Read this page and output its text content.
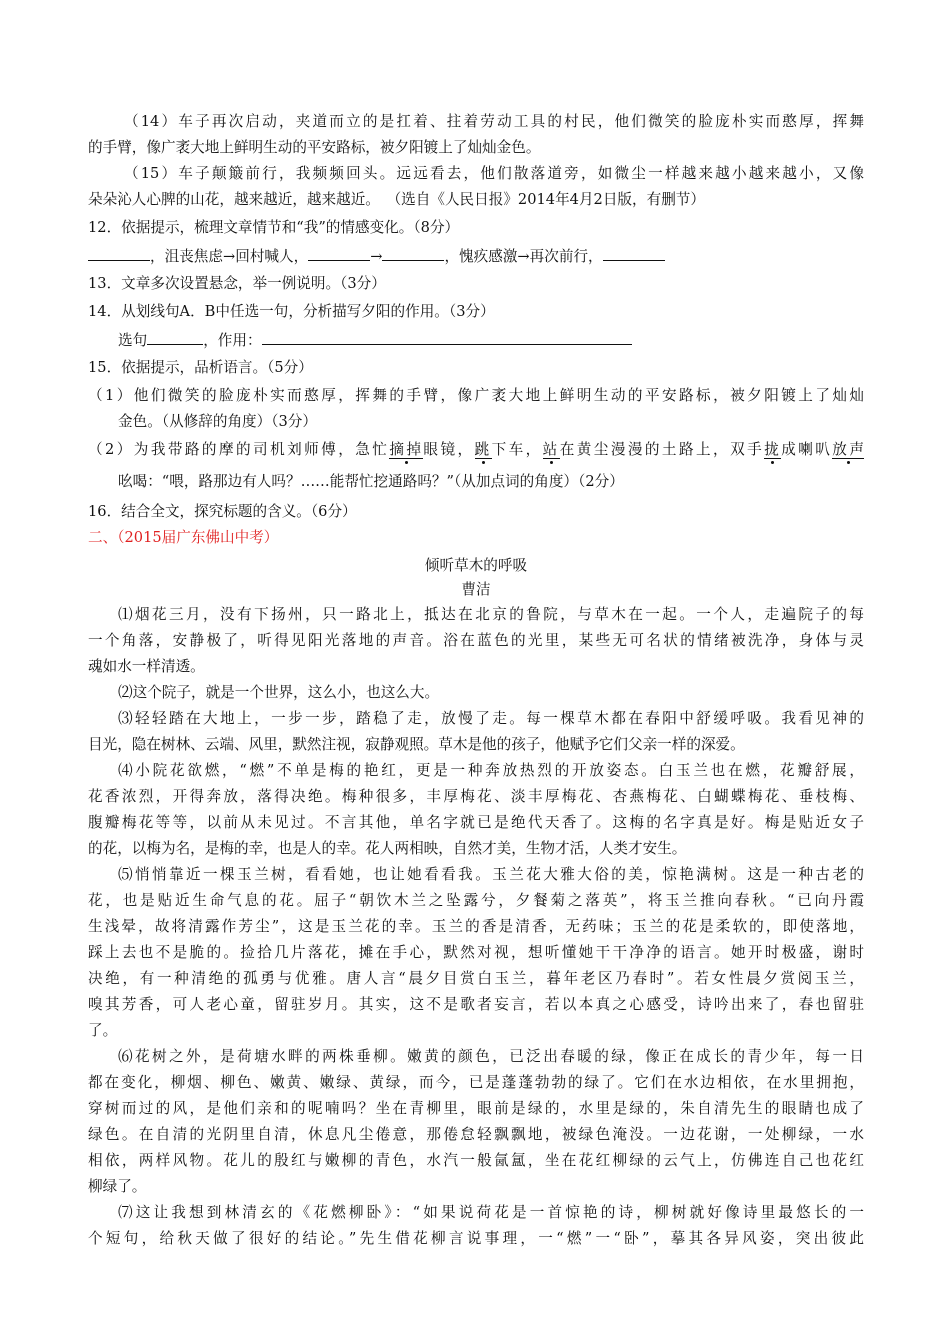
（14）车子再次启动，夹道而立的是扛着、拄着劳动工具的村民，他们微笑的脸庞朴实而憨厚，挥舞
的手臂，像广袤大地上鲜明生动的平安路标，被夕阳镀上了灿灿金色。
（15）车子颠簸前行，我频频回头。远远看去，他们散落道旁，如微尘一样越来越小越来越小，又像
朵朵沁人心脾的山花，越来越近，越来越近。 （选自《人民日报》2014年4月2日版，有删节）
12．依据提示，梳理文章情节和“我”的情感变化。（8分）
，沮丧焦虑→回村喊人，	→	，愧疚感激→再次前行，
13．文章多次设置悬念，举一例说明。（3分）
14．从划线句A．B中任选一句，分析描写夕阳的作用。（3分）
选句	，作用：
15．依据提示，品析语言。（5分）
（1）他们微笑的脸庞朴实而憨厚，挥舞的手臂，像广袤大地上鲜明生动的平安路标，被夕阳镀上了灿灿
金色。（从修辞的角度）（3分）
（2）为我带路的摩的司机刘师傅，急忙摘掉眼镜，跳下车，站在黄尘漫漫的土路上，双手拢成喇叭放声
吆喝：“喂，路那边有人吗？……能帮忙挖通路吗？”（从加点词的角度）（2分）
16．结合全文，探究标题的含义。（6分）
二、（2015届广东佛山中考）
倾听草木的呼吸
曹洁
⑴烟花三月，没有下扬州，只一路北上，抵达在北京的鲁院，与草木在一起。一个人，走遍院子的每
一个角落，安静极了，听得见阳光落地的声音。浴在蓝色的光里，某些无可名状的情绪被洗净，身体与灵
魂如水一样清透。
⑵这个院子，就是一个世界，这么小，也这么大。
⑶轻轻踏在大地上，一步一步，踏稳了走，放慢了走。每一棵草木都在春阳中舒缓呼吸。我看见神的
目光，隐在树林、云端、风里，默然注视，寂静观照。草木是他的孩子，他赋予它们父亲一样的深爱。
⑷小院花欲燃，“燃”不单是梅的艳红，更是一种奔放热烈的开放姿态。白玉兰也在燃，花瓣舒展，
花香浓烈，开得奔放，落得决绝。梅种很多，丰厚梅花、淡丰厚梅花、杏燕梅花、白蝴蝶梅花、垂枝梅、
腹瓣梅花等等，以前从未见过。不言其他，单名字就已是绝代天香了。这梅的名字真是好。梅是贴近女子
的花，以梅为名，是梅的幸，也是人的幸。花人两相映，自然才美，生物才活，人类才安生。
⑸悄悄靠近一棵玉兰树，看看她，也让她看看我。玉兰花大雅大俗的美，惊艳满树。这是一种古老的
花，也是贴近生命气息的花。屈子“朝饮木兰之坠露兮，夕餐菊之落英”，将玉兰推向春秋。“已向丹霞
生浅晕，故将清露作芳尘”，这是玉兰花的幸。玉兰的香是清香，无药味；玉兰的花是柔软的，即使落地，
踩上去也不是脆的。捡拾几片落花，摊在手心，默然对视，想听懂她干干净净的语言。她开时极盛，谢时
决绝，有一种清绝的孤勇与优雅。唐人言“晨夕目赏白玉兰，暮年老区乃春时”。若女性晨夕赏阅玉兰，
嗅其芳香，可人老心童，留驻岁月。其实，这不是歌者妄言，若以本真之心感受，诗吟出来了，春也留驻
了。
⑹花树之外，是荷塘水畔的两株垂柳。嫩黄的颜色，已泛出春暖的绿，像正在成长的青少年，每一日
都在变化，柳烟、柳色、嫩黄、嫩绿、黄绿，而今，已是蓬蓬勃勃的绿了。它们在水边相依，在水里拥抱，
穿树而过的风，是他们亲和的呢喃吗？坐在青柳里，眼前是绿的，水里是绿的，朱自清先生的眼睛也成了
绿色。在自清的光阴里自清，休息凡尘倦意，那倦怠轻飘飘地，被绿色淹没。一边花谢，一处柳绿，一水
相依，两样风物。花儿的殷红与嫩柳的青色，水汽一般氤氲，坐在花红柳绿的云气上，仿佛连自己也花红
柳绿了。
⑺这让我想到林清玄的《花燃柳卧》：“如果说荷花是一首惊艳的诗，柳树就好像诗里最悠长的一
个短句，给秋天做了很好的结论。”先生借花柳言说事理，一“燃”一“卧”，摹其各异风姿，突出彼此
